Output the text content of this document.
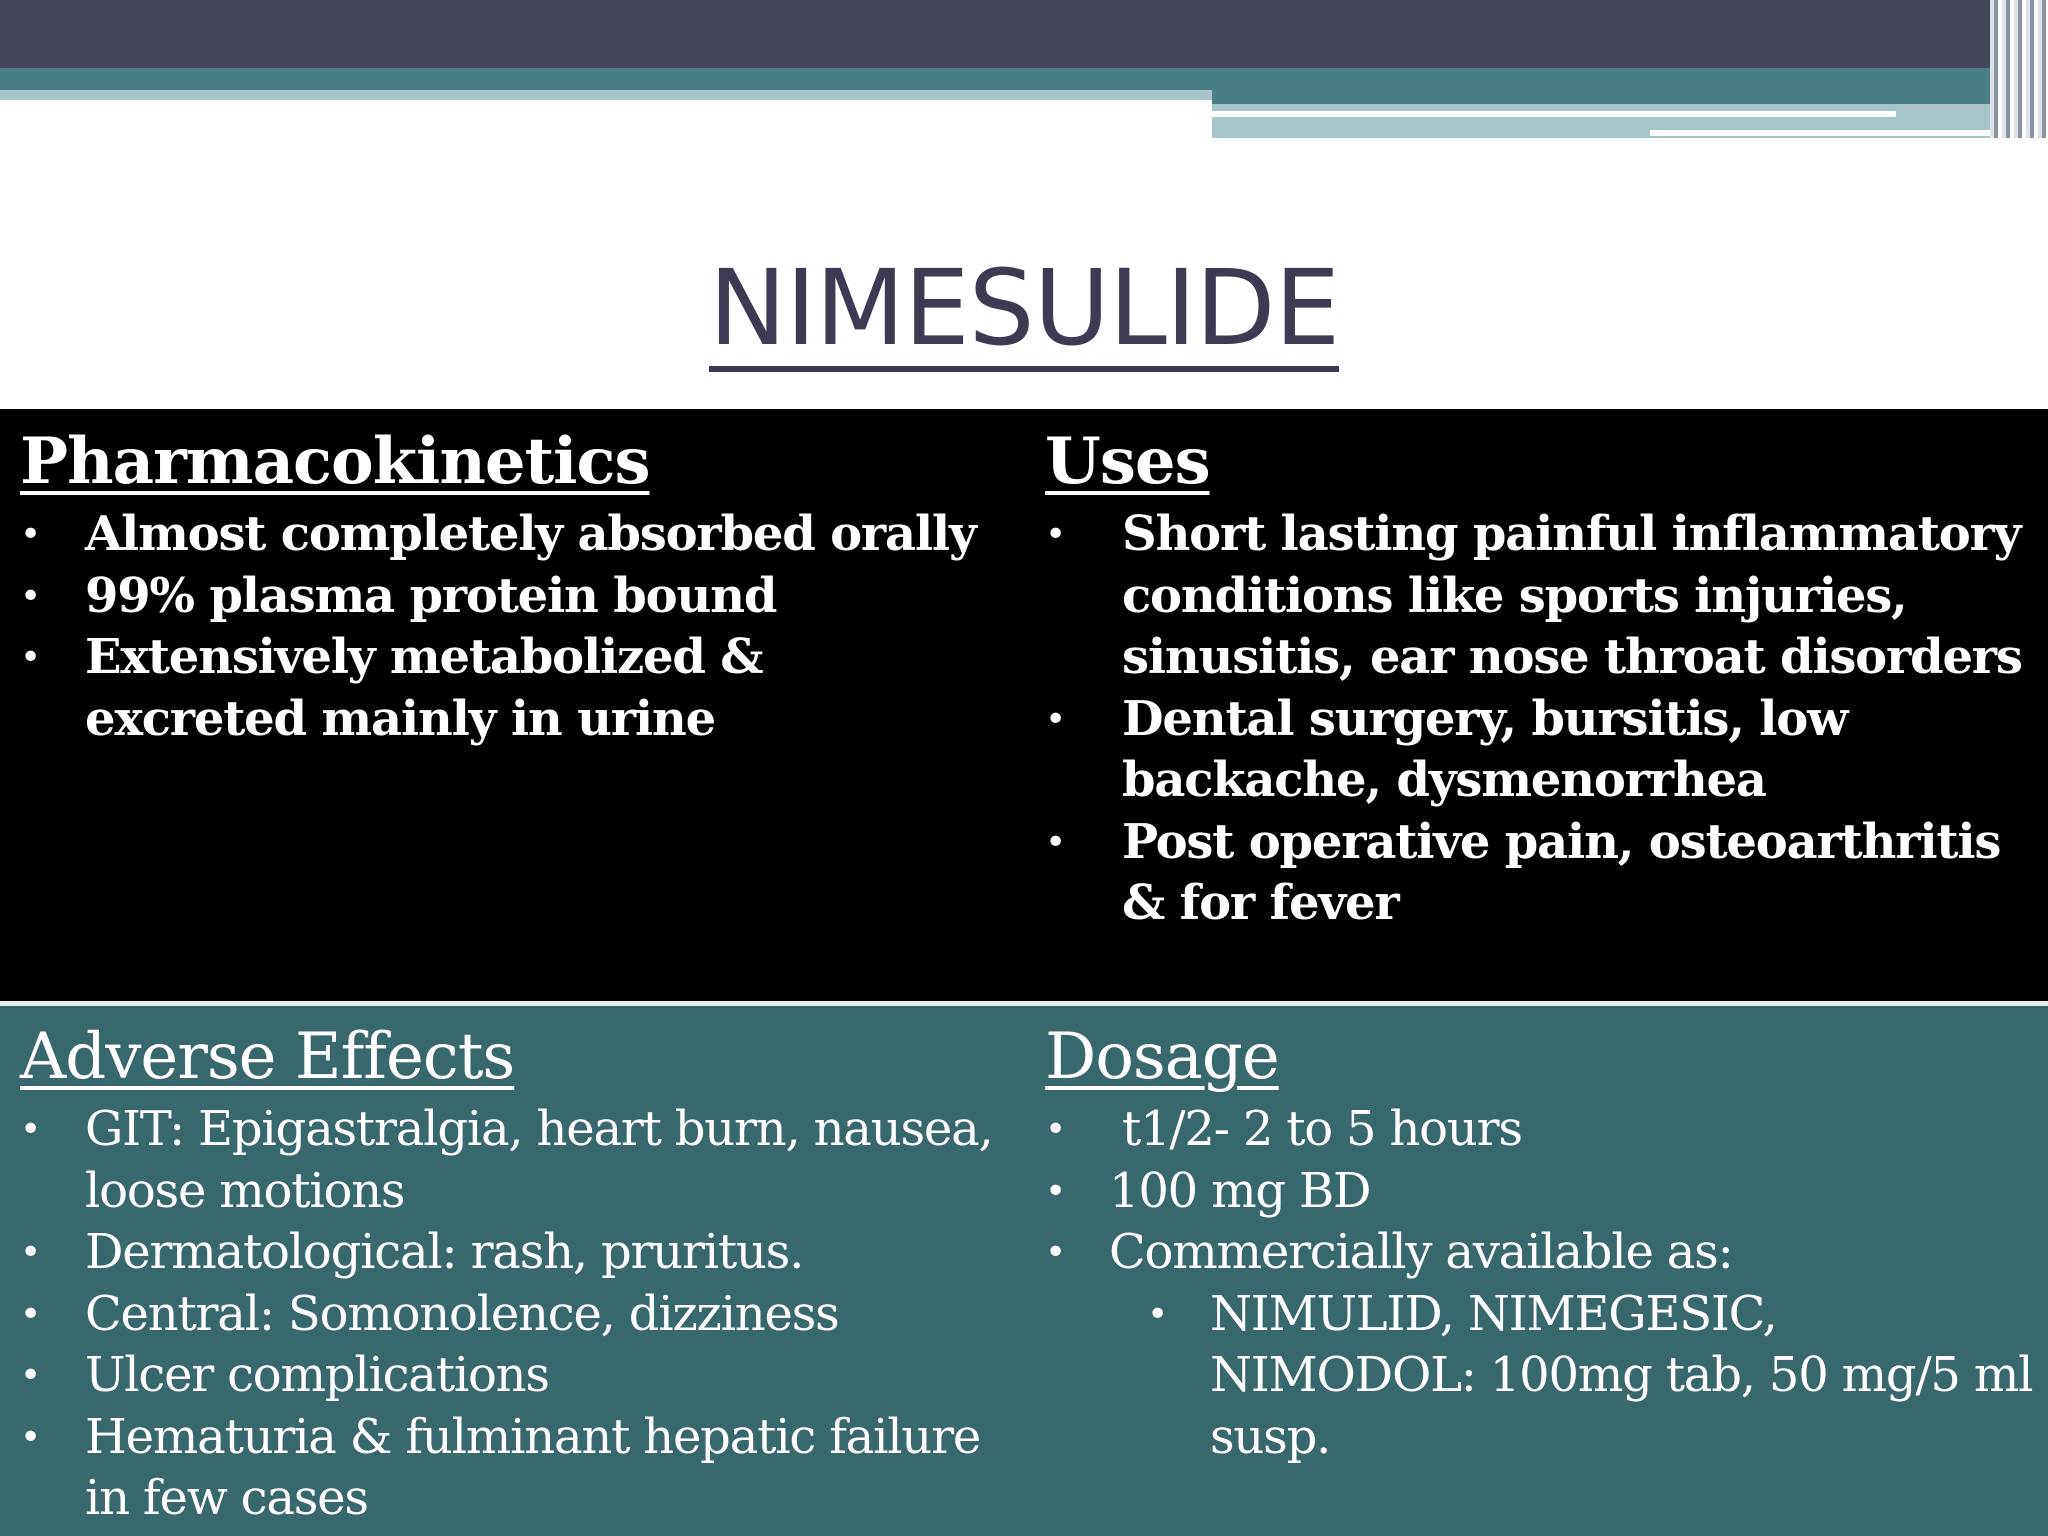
NIMESULIDE
Pharmacokinetics
• Almost completely absorbed orally
• 99% plasma protein bound
• Extensively metabolized & excreted mainly in urine
Uses
• Short lasting painful inflammatory conditions like sports injuries, sinusitis, ear nose throat disorders
• Dental surgery, bursitis, low backache, dysmenorrhea
• Post operative pain, osteoarthritis & for fever
Adverse Effects
• GIT: Epigastralgia, heart burn, nausea, loose motions
• Dermatological: rash, pruritus.
• Central: Somonolence, dizziness
• Ulcer complications
• Hematuria & fulminant hepatic failure in few cases
Dosage
• t1/2- 2 to 5 hours
• 100 mg BD
• Commercially available as:
• NIMULID, NIMEGESIC, NIMODOL: 100mg tab, 50 mg/5 ml susp.
